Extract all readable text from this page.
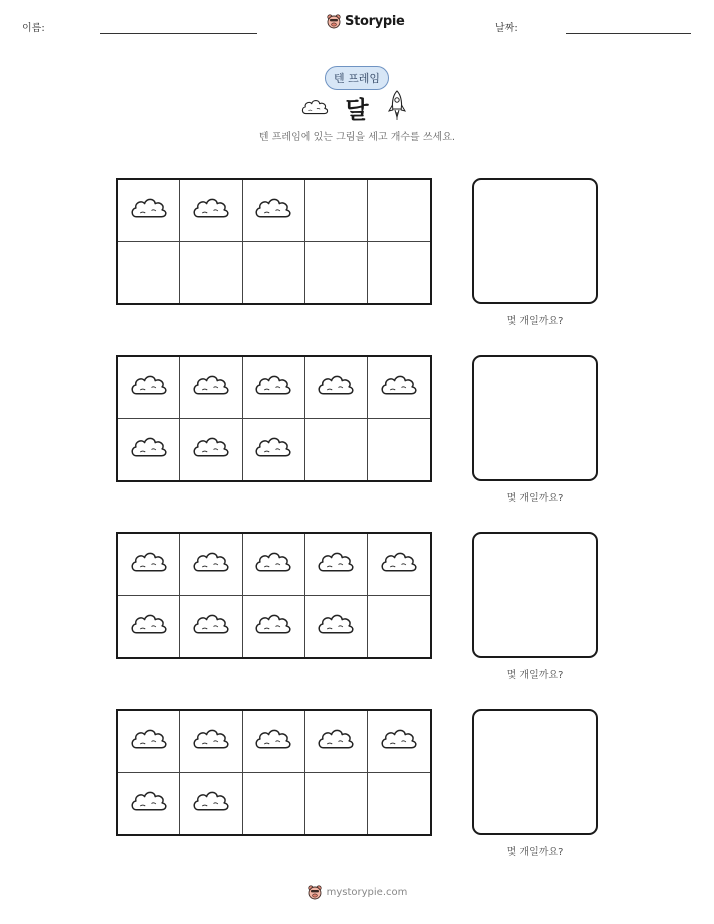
이름:	Storypie	날짜:
텐 프레임
달
텐 프레임에 있는 그림을 세고 개수를 쓰세요.
몇 개일까요?
몇 개일까요?
몇 개일까요?
몇 개일까요?
mystorypie.com
